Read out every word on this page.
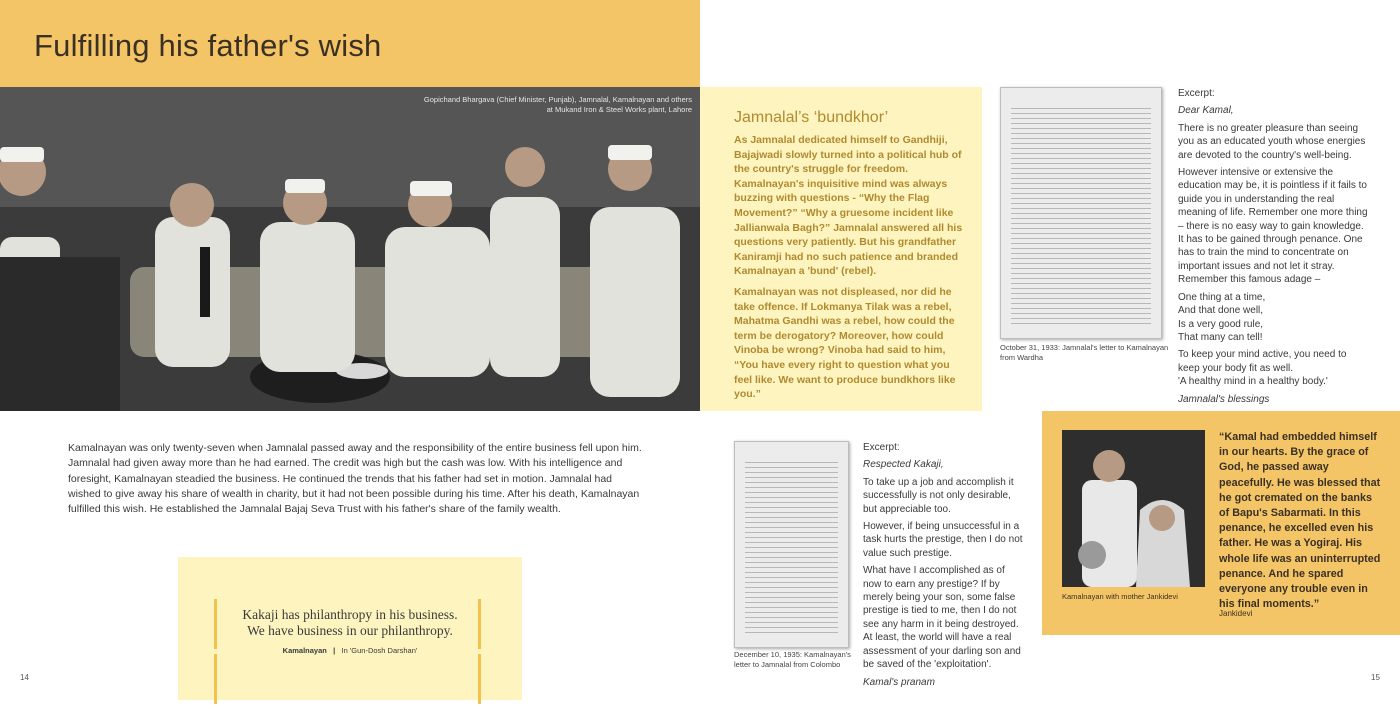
Fulfilling his father's wish
Gopichand Bhargava (Chief Minister, Punjab), Jamnalal, Kamalnayan and others
at Mukand Iron & Steel Works plant, Lahore

Kamalnayan was only twenty-seven when Jamnalal passed away and the responsibility of the entire business fell upon him. Jamnalal had given away more than he had earned. The credit was high but the cash was low. With his intelligence and foresight, Kamalnayan steadied the business. He continued the trends that his father had set in motion. Jamnalal had wished to give away his share of wealth in charity, but it had not been possible during his time. After his death, Kamalnayan fulfilled this wish. He established the Jamnalal Bajaj Seva Trust with his father's share of the family wealth.

Kakaji has philanthropy in his business.
We have business in our philanthropy.
Kamalnayan | In 'Gun-Dosh Darshan'
14
Jamnalal’s ‘bundkhor’

As Jamnalal dedicated himself to Gandhiji, Bajajwadi slowly turned into a political hub of the country's struggle for freedom. Kamalnayan's inquisitive mind was always buzzing with questions - “Why the Flag Movement?” “Why a gruesome incident like Jallianwala Bagh?” Jamnalal answered all his questions very patiently. But his grandfather Kaniramji had no such patience and branded Kamalnayan a 'bund' (rebel).

Kamalnayan was not displeased, nor did he take offence. If Lokmanya Tilak was a rebel, Mahatma Gandhi was a rebel, how could the term be derogatory? Moreover, how could Vinoba be wrong? Vinoba had said to him, “You have every right to question what you feel like. We want to produce bundkhors like you.”

October 31, 1933: Jamnalal's letter to Kamalnayan from Wardha

Excerpt:

Dear Kamal,

There is no greater pleasure than seeing you as an educated youth whose energies are devoted to the country's well-being.

However intensive or extensive the education may be, it is pointless if it fails to guide you in understanding the real meaning of life. Remember one more thing – there is no easy way to gain knowledge. It has to be gained through penance. One has to train the mind to concentrate on important issues and not let it stray. Remember this famous adage –

One thing at a time,
And that done well,
Is a very good rule,
That many can tell!

To keep your mind active, you need to keep your body fit as well.
'A healthy mind in a healthy body.'

Jamnalal's blessings

December 10, 1935: Kamalnayan's letter to Jamnalal from Colombo

Excerpt:

Respected Kakaji,

To take up a job and accomplish it successfully is not only desirable, but appreciable too.

However, if being unsuccessful in a task hurts the prestige, then I do not value such prestige.

What have I accomplished as of now to earn any prestige? If by merely being your son, some false prestige is tied to me, then I do not see any harm in it being destroyed. At least, the world will have a real assessment of your darling son and be saved of the 'exploitation'.

Kamal's pranam

Kamalnayan with mother Jankidevi
“Kamal had embedded himself in our hearts. By the grace of God, he passed away peacefully. He was blessed that he got cremated on the banks of Bapu's Sabarmati. In this penance, he excelled even his father. He was a Yogiraj. His whole life was an uninterrupted penance. And he spared everyone any trouble even in his final moments.”
Jankidevi
15
